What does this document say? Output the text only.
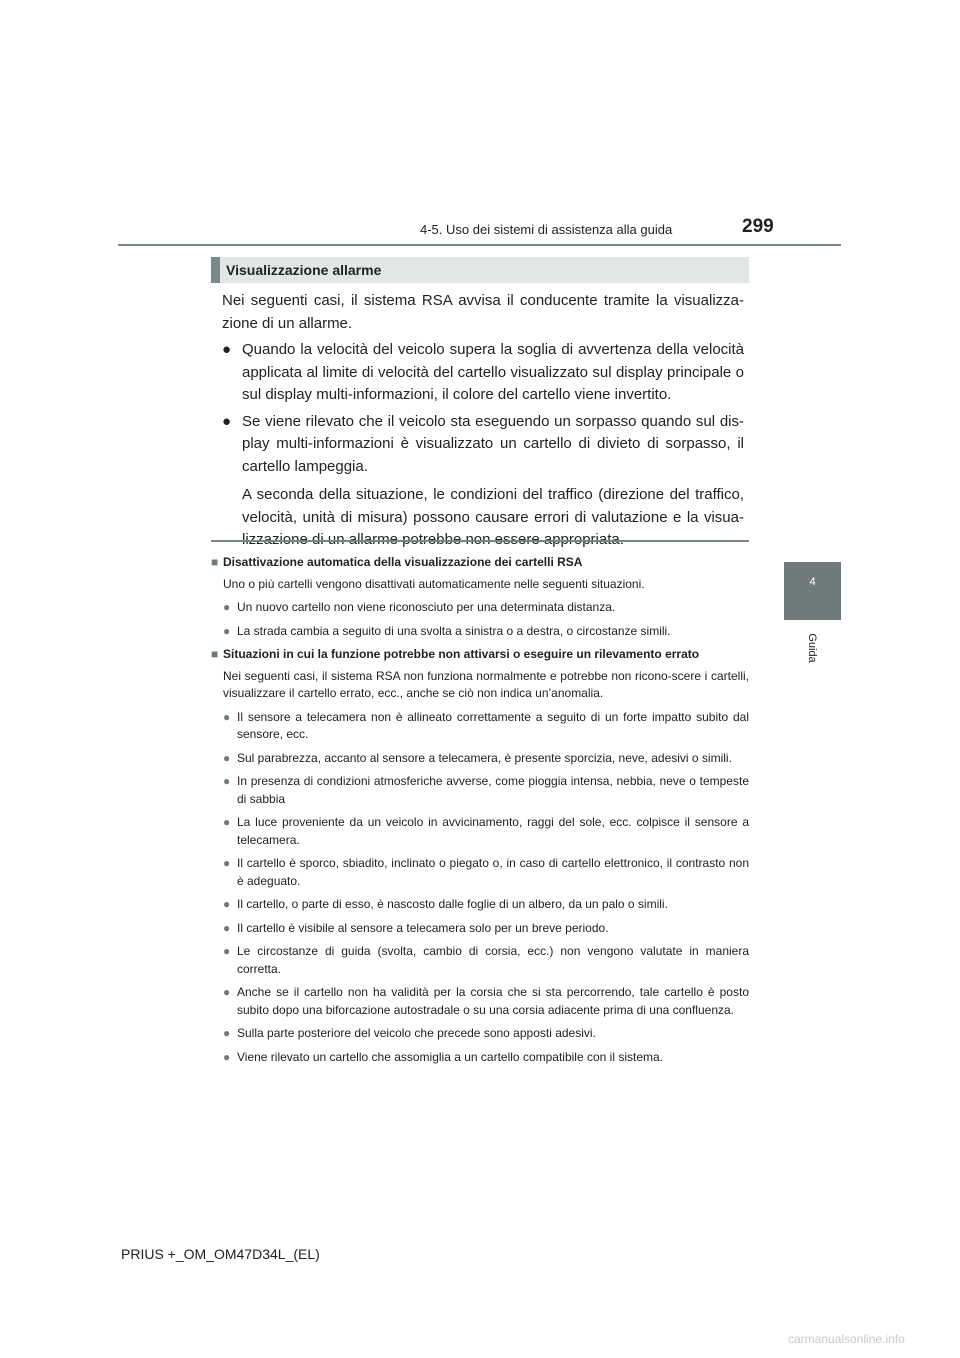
4-5. Uso dei sistemi di assistenza alla guida	299
4
Guida
Visualizzazione allarme

Nei seguenti casi, il sistema RSA avvisa il conducente tramite la visualizza-zione di un allarme.

● Quando la velocità del veicolo supera la soglia di avvertenza della velocità applicata al limite di velocità del cartello visualizzato sul display principale o sul display multi-informazioni, il colore del cartello viene invertito.
● Se viene rilevato che il veicolo sta eseguendo un sorpasso quando sul dis-play multi-informazioni è visualizzato un cartello di divieto di sorpasso, il cartello lampeggia.

A seconda della situazione, le condizioni del traffico (direzione del traffico, velocità, unità di misura) possono causare errori di valutazione e la visua-

■ Disattivazione automatica della visualizzazione dei cartelli RSA
Uno o più cartelli vengono disattivati automaticamente nelle seguenti situazioni.
● Un nuovo cartello non viene riconosciuto per una determinata distanza.
● La strada cambia a seguito di una svolta a sinistra o a destra, o circostanze simili.
■ Situazioni in cui la funzione potrebbe non attivarsi o eseguire un rilevamento errato
Nei seguenti casi, il sistema RSA non funziona normalmente e potrebbe non ricono-scere i cartelli, visualizzare il cartello errato, ecc., anche se ciò non indica un’anomalia.
● Il sensore a telecamera non è allineato correttamente a seguito di un forte impatto subito dal sensore, ecc.
● Sul parabrezza, accanto al sensore a telecamera, è presente sporcizia, neve, adesivi o simili.
● In presenza di condizioni atmosferiche avverse, come pioggia intensa, nebbia, neve o tempeste di sabbia
● La luce proveniente da un veicolo in avvicinamento, raggi del sole, ecc. colpisce il sensore a telecamera.
● Il cartello è sporco, sbiadito, inclinato o piegato o, in caso di cartello elettronico, il contrasto non è adeguato.
● Il cartello, o parte di esso, è nascosto dalle foglie di un albero, da un palo o simili.
● Il cartello è visibile al sensore a telecamera solo per un breve periodo.
● Le circostanze di guida (svolta, cambio di corsia, ecc.) non vengono valutate in maniera corretta.
● Anche se il cartello non ha validità per la corsia che si sta percorrendo, tale cartello è posto subito dopo una biforcazione autostradale o su una corsia adiacente prima di una confluenza.
● Sulla parte posteriore del veicolo che precede sono apposti adesivi.
● Viene rilevato un cartello che assomiglia a un cartello compatibile con il sistema.
PRIUS +_OM_OM47D34L_(EL)
carmanualsonline.info
